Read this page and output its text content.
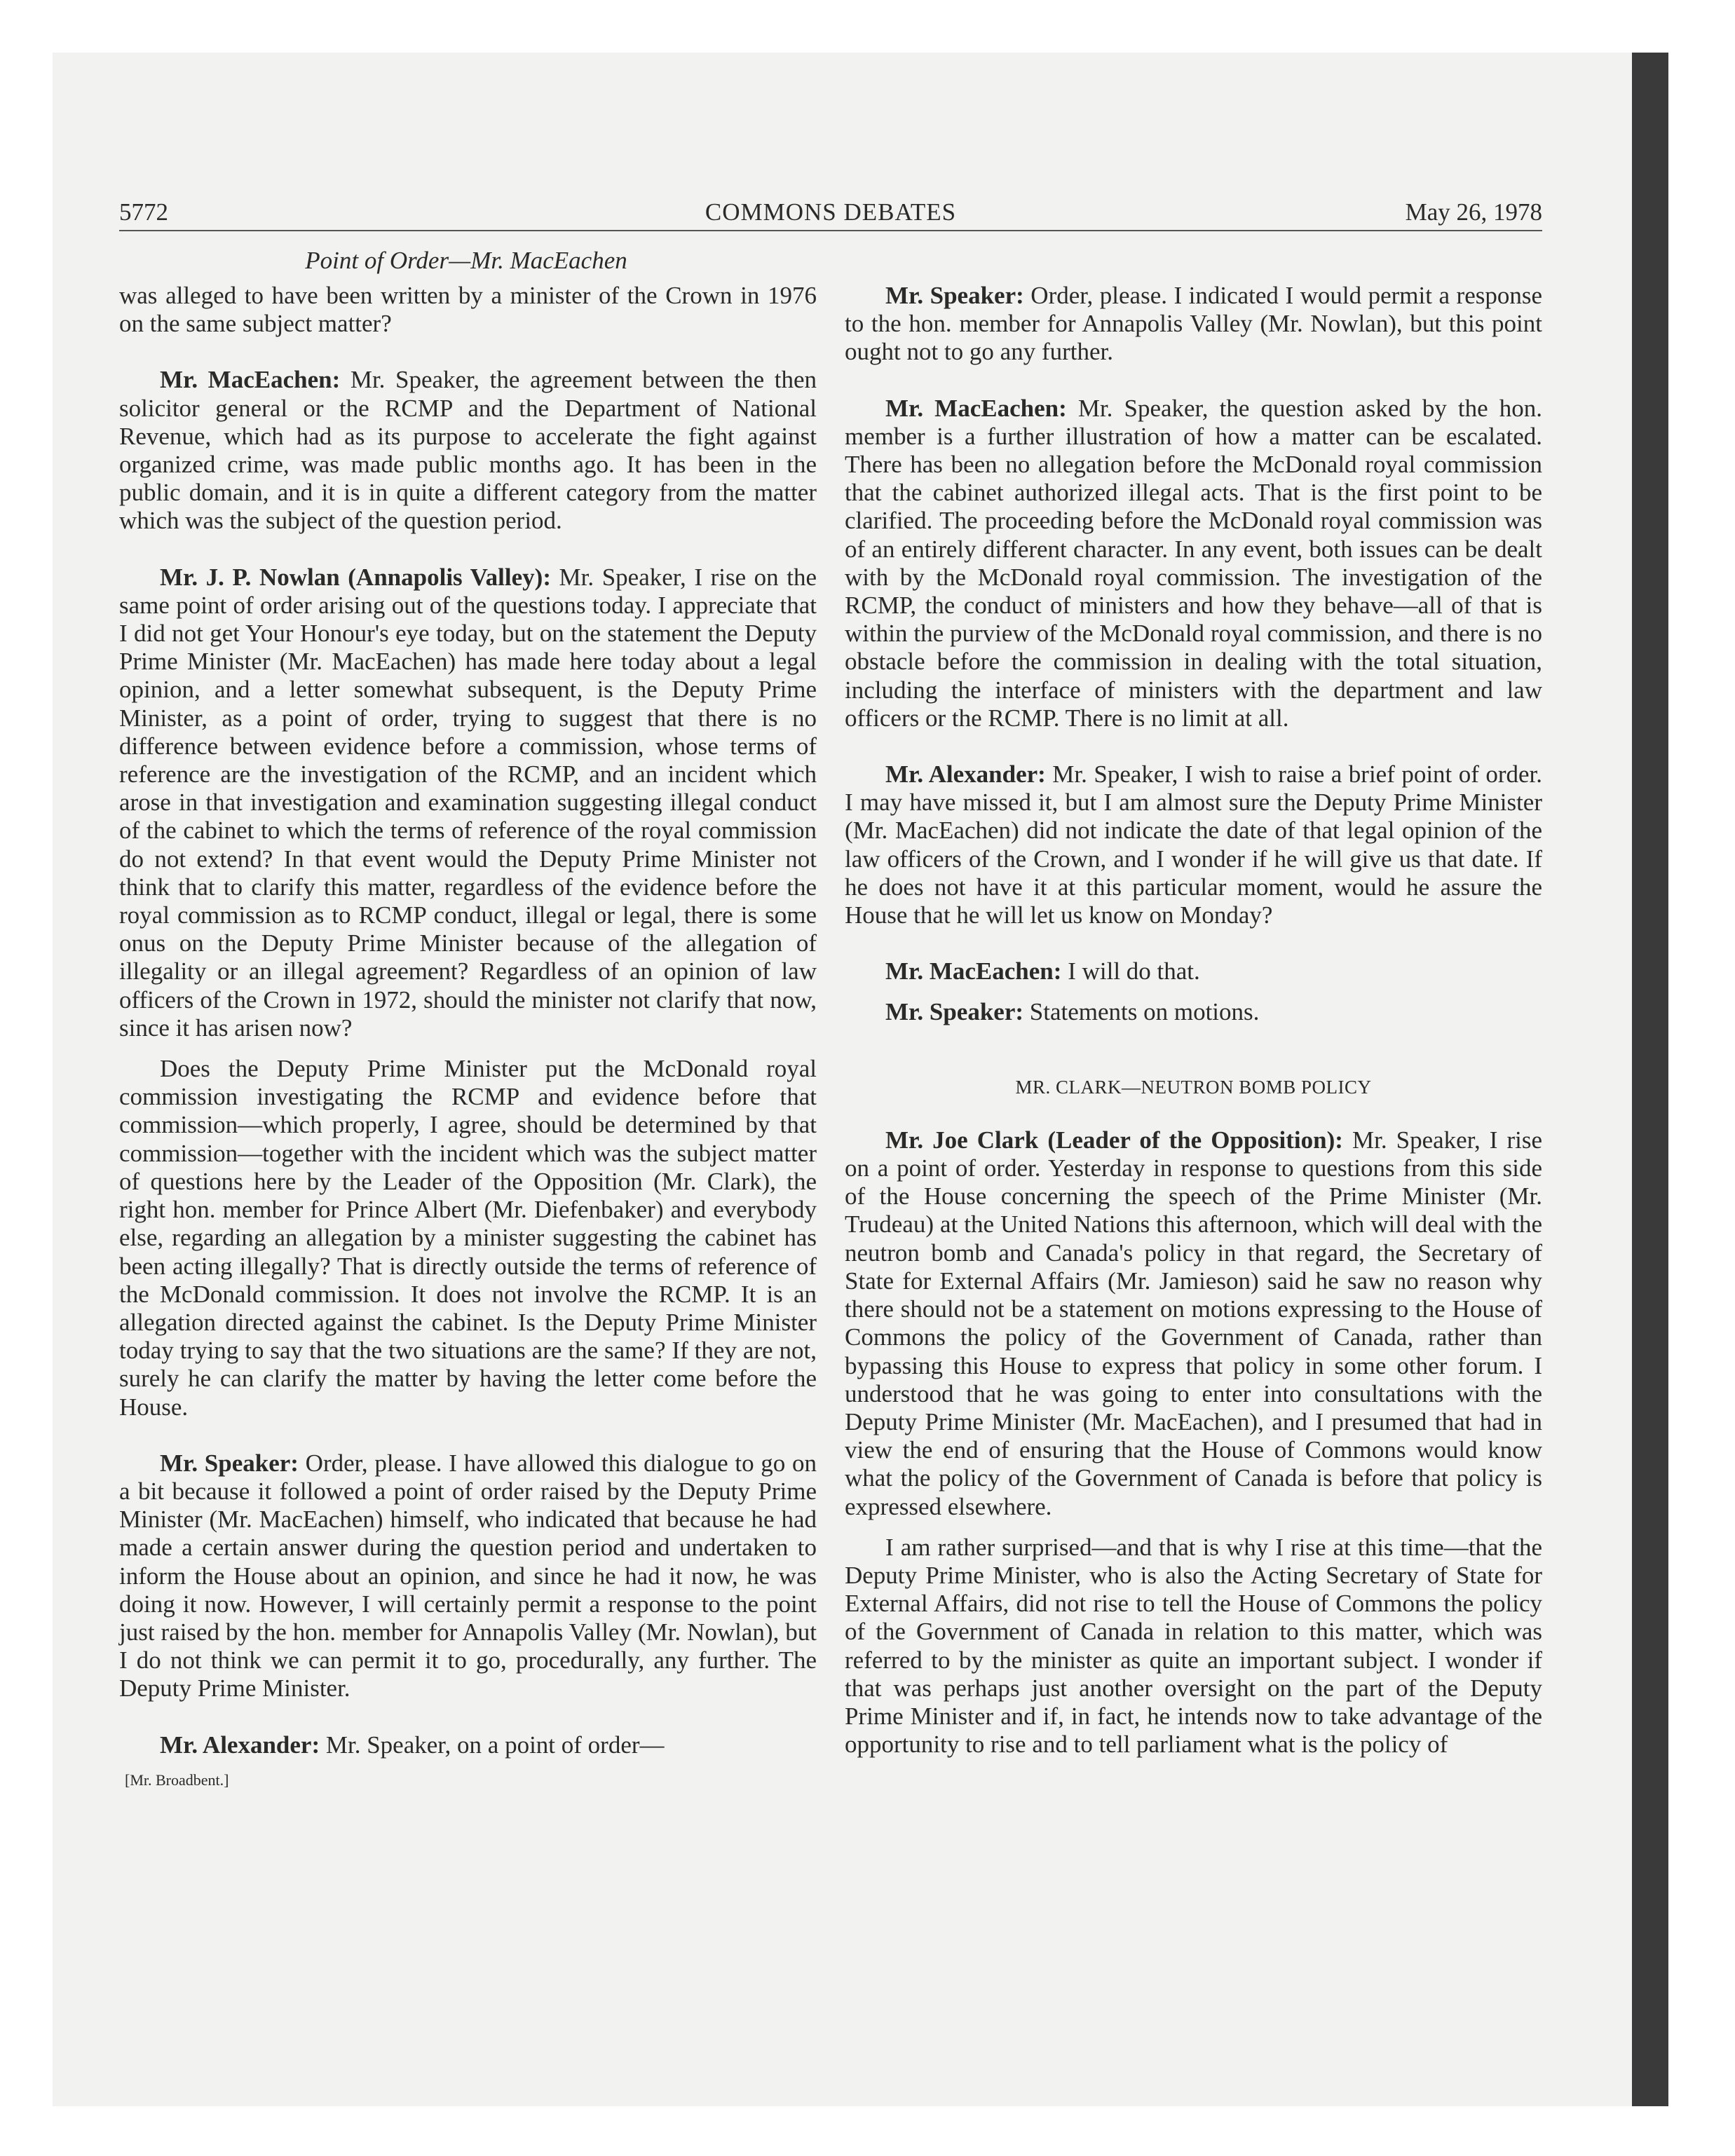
5772	COMMONS DEBATES	May 26, 1978
Point of Order—Mr. MacEachen

was alleged to have been written by a minister of the Crown in 1976 on the same subject matter?

Mr. MacEachen: Mr. Speaker, the agreement between the then solicitor general or the RCMP and the Department of National Revenue, which had as its purpose to accelerate the fight against organized crime, was made public months ago. It has been in the public domain, and it is in quite a different category from the matter which was the subject of the question period.

Mr. J. P. Nowlan (Annapolis Valley): Mr. Speaker, I rise on the same point of order arising out of the questions today. I appreciate that I did not get Your Honour's eye today, but on the statement the Deputy Prime Minister (Mr. MacEachen) has made here today about a legal opinion, and a letter somewhat subsequent, is the Deputy Prime Minister, as a point of order, trying to suggest that there is no difference between evidence before a commission, whose terms of reference are the investigation of the RCMP, and an incident which arose in that investigation and examination suggesting illegal conduct of the cabinet to which the terms of reference of the royal commission do not extend? In that event would the Deputy Prime Minister not think that to clarify this matter, regardless of the evidence before the royal commission as to RCMP conduct, illegal or legal, there is some onus on the Deputy Prime Minister because of the allegation of illegality or an illegal agreement? Regardless of an opinion of law officers of the Crown in 1972, should the minister not clarify that now, since it has arisen now?

Does the Deputy Prime Minister put the McDonald royal commission investigating the RCMP and evidence before that commission—which properly, I agree, should be determined by that commission—together with the incident which was the subject matter of questions here by the Leader of the Opposition (Mr. Clark), the right hon. member for Prince Albert (Mr. Diefenbaker) and everybody else, regarding an allegation by a minister suggesting the cabinet has been acting illegally? That is directly outside the terms of reference of the McDonald commission. It does not involve the RCMP. It is an allegation directed against the cabinet. Is the Deputy Prime Minister today trying to say that the two situations are the same? If they are not, surely he can clarify the matter by having the letter come before the House.

Mr. Speaker: Order, please. I have allowed this dialogue to go on a bit because it followed a point of order raised by the Deputy Prime Minister (Mr. MacEachen) himself, who indicated that because he had made a certain answer during the question period and undertaken to inform the House about an opinion, and since he had it now, he was doing it now. However, I will certainly permit a response to the point just raised by the hon. member for Annapolis Valley (Mr. Nowlan), but I do not think we can permit it to go, procedurally, any further. The Deputy Prime Minister.

Mr. Alexander: Mr. Speaker, on a point of order—

[Mr. Broadbent.]

Mr. Speaker: Order, please. I indicated I would permit a response to the hon. member for Annapolis Valley (Mr. Nowlan), but this point ought not to go any further.

Mr. MacEachen: Mr. Speaker, the question asked by the hon. member is a further illustration of how a matter can be escalated. There has been no allegation before the McDonald royal commission that the cabinet authorized illegal acts. That is the first point to be clarified. The proceeding before the McDonald royal commission was of an entirely different character. In any event, both issues can be dealt with by the McDonald royal commission. The investigation of the RCMP, the conduct of ministers and how they behave—all of that is within the purview of the McDonald royal commission, and there is no obstacle before the commission in dealing with the total situation, including the interface of ministers with the department and law officers or the RCMP. There is no limit at all.

Mr. Alexander: Mr. Speaker, I wish to raise a brief point of order. I may have missed it, but I am almost sure the Deputy Prime Minister (Mr. MacEachen) did not indicate the date of that legal opinion of the law officers of the Crown, and I wonder if he will give us that date. If he does not have it at this particular moment, would he assure the House that he will let us know on Monday?

Mr. MacEachen: I will do that.

Mr. Speaker: Statements on motions.

MR. CLARK—NEUTRON BOMB POLICY

Mr. Joe Clark (Leader of the Opposition): Mr. Speaker, I rise on a point of order. Yesterday in response to questions from this side of the House concerning the speech of the Prime Minister (Mr. Trudeau) at the United Nations this afternoon, which will deal with the neutron bomb and Canada's policy in that regard, the Secretary of State for External Affairs (Mr. Jamieson) said he saw no reason why there should not be a statement on motions expressing to the House of Commons the policy of the Government of Canada, rather than bypassing this House to express that policy in some other forum. I understood that he was going to enter into consultations with the Deputy Prime Minister (Mr. MacEachen), and I presumed that had in view the end of ensuring that the House of Commons would know what the policy of the Government of Canada is before that policy is expressed elsewhere.

I am rather surprised—and that is why I rise at this time—that the Deputy Prime Minister, who is also the Acting Secretary of State for External Affairs, did not rise to tell the House of Commons the policy of the Government of Canada in relation to this matter, which was referred to by the minister as quite an important subject. I wonder if that was perhaps just another oversight on the part of the Deputy Prime Minister and if, in fact, he intends now to take advantage of the opportunity to rise and to tell parliament what is the policy of
